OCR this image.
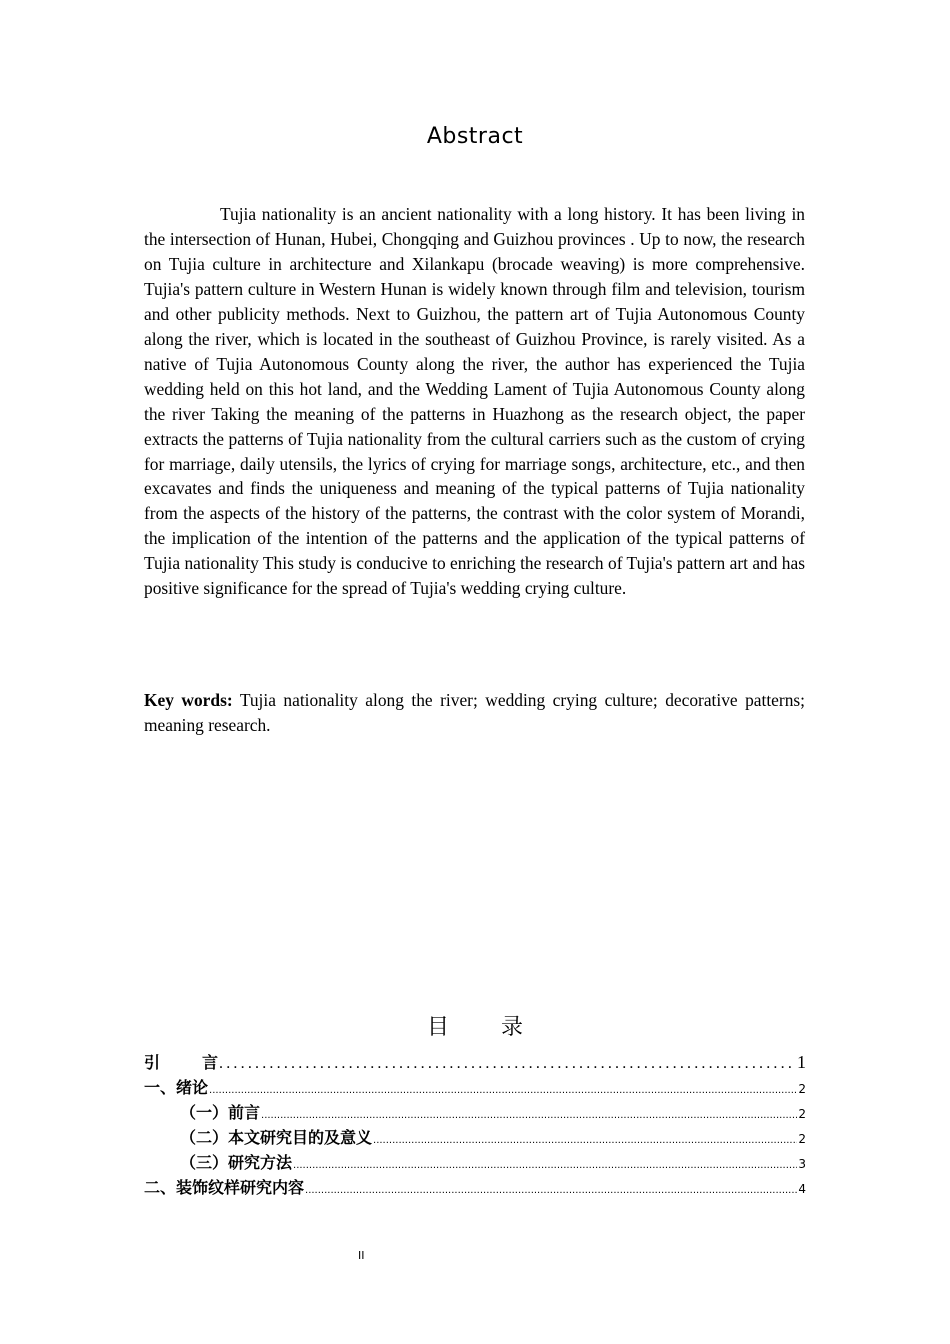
Abstract

Tujia nationality is an ancient nationality with a long history. It has been living in the intersection of Hunan, Hubei, Chongqing and Guizhou provinces . Up to now, the research on Tujia culture in architecture and Xilankapu (brocade weaving) is more comprehensive. Tujia's pattern culture in Western Hunan is widely known through film and television, tourism and other publicity methods. Next to Guizhou, the pattern art of Tujia Autonomous County along the river, which is located in the southeast of Guizhou Province, is rarely visited. As a native of Tujia Autonomous County along the river, the author has experienced the Tujia wedding held on this hot land, and the Wedding Lament of Tujia Autonomous County along the river Taking the meaning of the patterns in Huazhong as the research object, the paper extracts the patterns of Tujia nationality from the cultural carriers such as the custom of crying for marriage, daily utensils, the lyrics of crying for marriage songs, architecture, etc., and then excavates and finds the uniqueness and meaning of the typical patterns of Tujia nationality from the aspects of the history of the patterns, the contrast with the color system of Morandi, the implication of the intention of the patterns and the application of the typical patterns of Tujia nationality This study is conducive to enriching the research of Tujia's pattern art and has positive significance for the spread of Tujia's wedding crying culture.

Key words: Tujia nationality along the river; wedding crying culture; decorative patterns; meaning research.

目 录
引	言 .....	1
一、绪论 .....	2
（一）前言 .....	2
（二）本文研究目的及意义 .....	2
（三）研究方法 .....	3
二、装饰纹样研究内容 .....	4
II
